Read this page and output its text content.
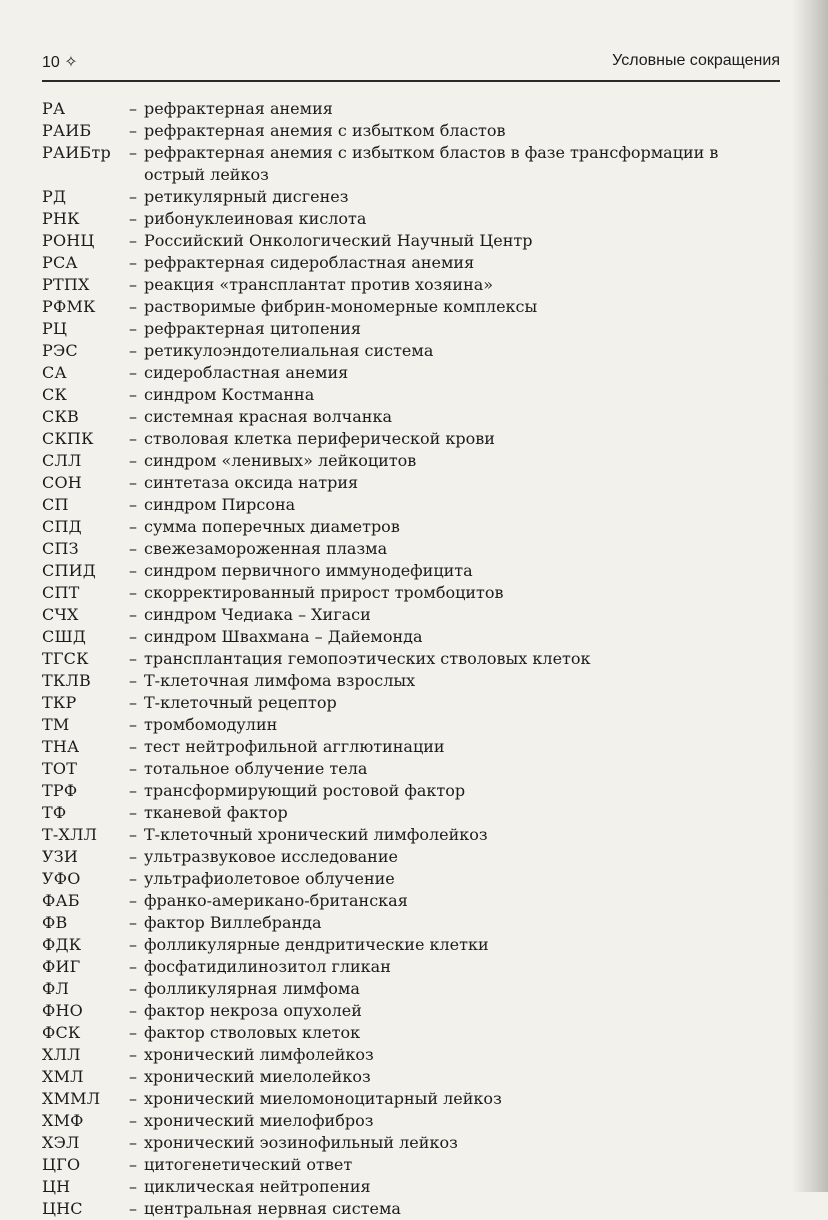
10 ✧	Условные сокращения
РА	– рефрактерная анемия
РАИБ	– рефрактерная анемия с избытком бластов
РАИБтр	– рефрактерная анемия с избытком бластов в фазе трансформации в острый лейкоз
РД	– ретикулярный дисгенез
РНК	– рибонуклеиновая кислота
РОНЦ	– Российский Онкологический Научный Центр
РСА	– рефрактерная сидеробластная анемия
РТПХ	– реакция «трансплантат против хозяина»
РФМК	– растворимые фибрин-мономерные комплексы
РЦ	– рефрактерная цитопения
РЭС	– ретикулоэндотелиальная система
СА	– сидеробластная анемия
СК	– синдром Костманна
СКВ	– системная красная волчанка
СКПК	– стволовая клетка периферической крови
СЛЛ	– синдром «ленивых» лейкоцитов
СОН	– синтетаза оксида натрия
СП	– синдром Пирсона
СПД	– сумма поперечных диаметров
СПЗ	– свежезамороженная плазма
СПИД	– синдром первичного иммунодефицита
СПТ	– скорректированный прирост тромбоцитов
СЧХ	– синдром Чедиака – Хигаси
СШД	– синдром Швахмана – Дайемонда
ТГСК	– трансплантация гемопоэтических стволовых клеток
ТКЛВ	– Т-клеточная лимфома взрослых
ТКР	– Т-клеточный рецептор
ТМ	– тромбомодулин
ТНА	– тест нейтрофильной агглютинации
ТОТ	– тотальное облучение тела
ТРФ	– трансформирующий ростовой фактор
ТФ	– тканевой фактор
Т-ХЛЛ	– Т-клеточный хронический лимфолейкоз
УЗИ	– ультразвуковое исследование
УФО	– ультрафиолетовое облучение
ФАБ	– франко-американо-британская
ФВ	– фактор Виллебранда
ФДК	– фолликулярные дендритические клетки
ФИГ	– фосфатидилинозитол гликан
ФЛ	– фолликулярная лимфома
ФНО	– фактор некроза опухолей
ФСК	– фактор стволовых клеток
ХЛЛ	– хронический лимфолейкоз
ХМЛ	– хронический миелолейкоз
ХММЛ	– хронический миеломоноцитарный лейкоз
ХМФ	– хронический миелофиброз
ХЭЛ	– хронический эозинофильный лейкоз
ЦГО	– цитогенетический ответ
ЦН	– циклическая нейтропения
ЦНС	– центральная нервная система
